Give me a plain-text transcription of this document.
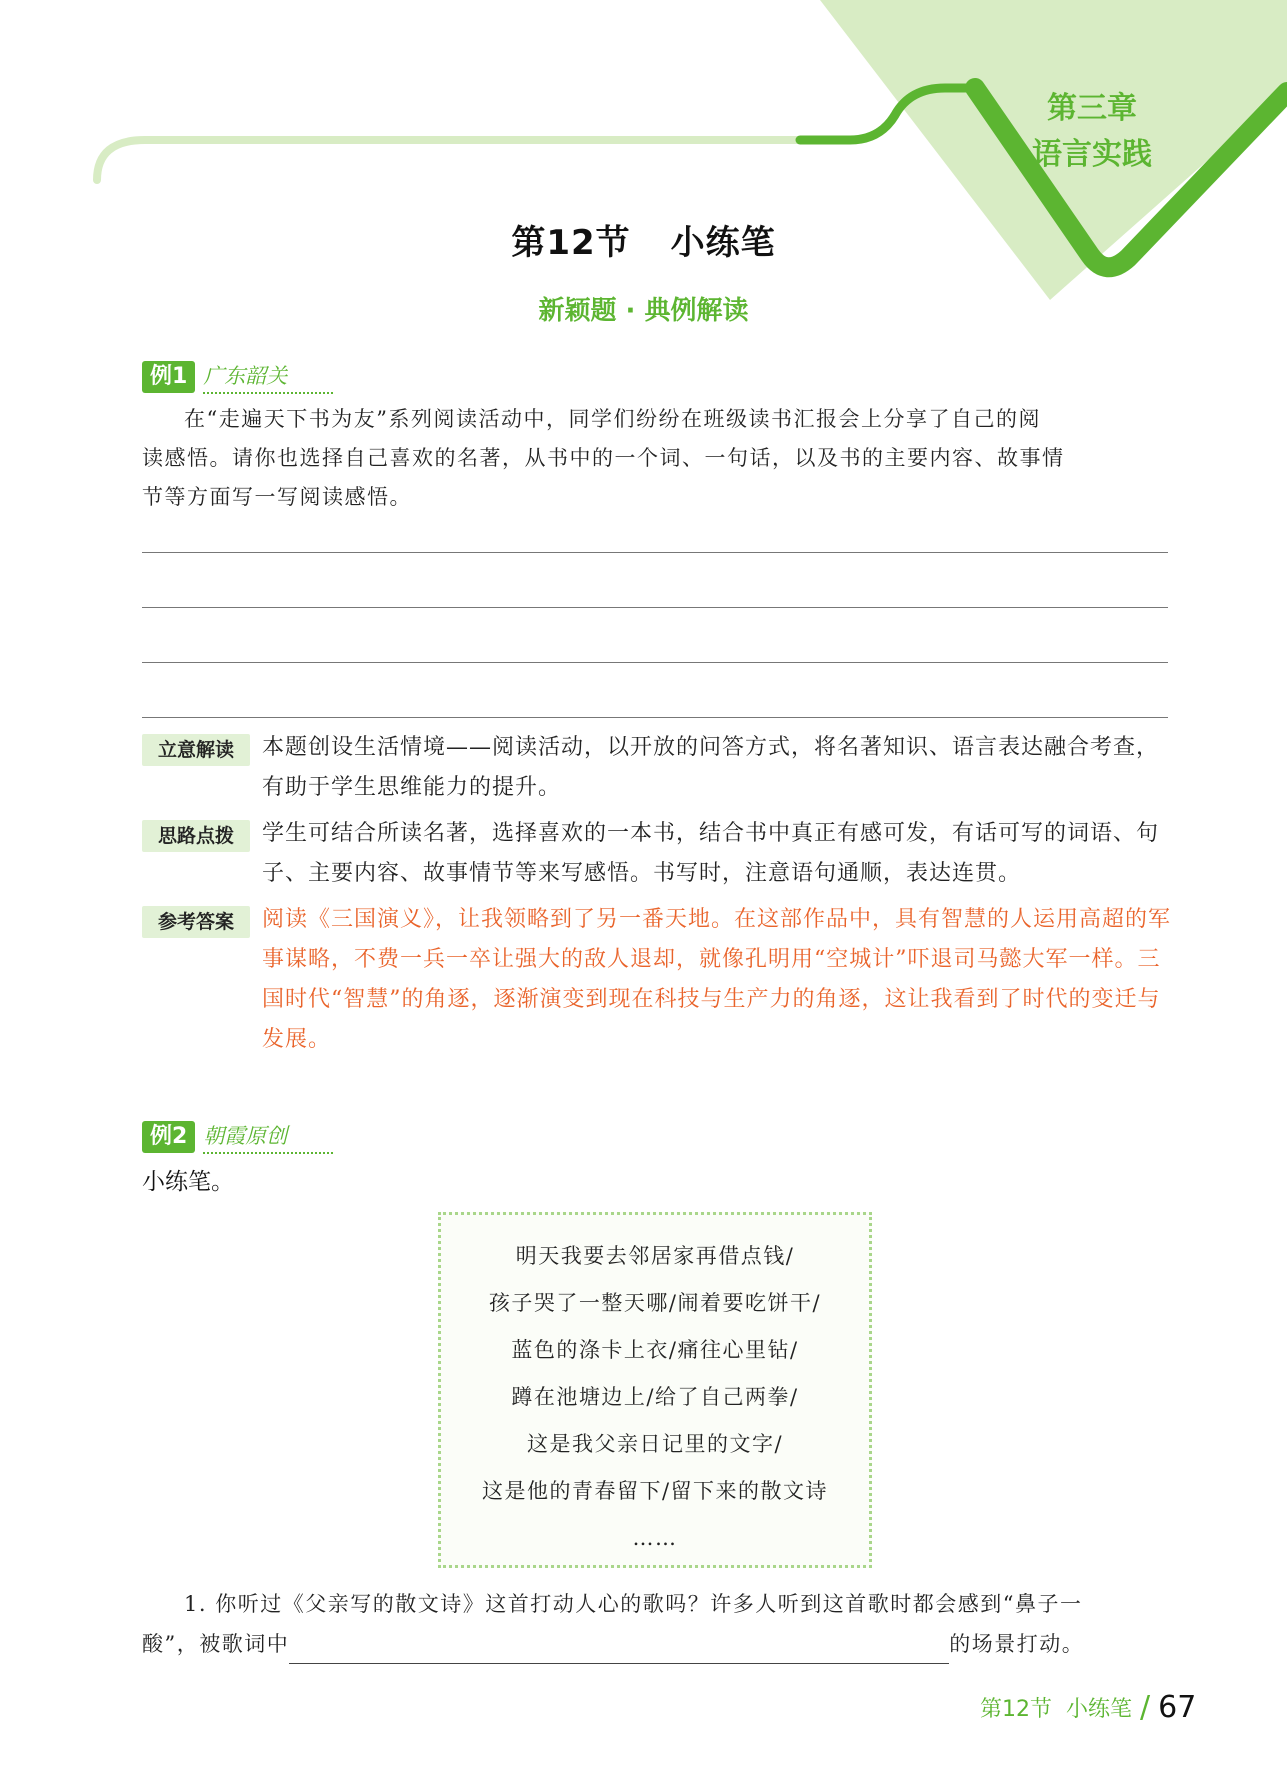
第三章
语言实践
第12节 小练笔
新颖题 · 典例解读
例1 广东韶关

在“走遍天下书为友”系列阅读活动中，同学们纷纷在班级读书汇报会上分享了自己的阅

读感悟。请你也选择自己喜欢的名著，从书中的一个词、一句话，以及书的主要内容、故事情

节等方面写一写阅读感悟。

立意解读	本题创设生活情境——阅读活动，以开放的问答方式，将名著知识、语言表达融合考查，有助于学生思维能力的提升。
思路点拨	学生可结合所读名著，选择喜欢的一本书，结合书中真正有感可发，有话可写的词语、句子、主要内容、故事情节等来写感悟。书写时，注意语句通顺，表达连贯。
参考答案	阅读《三国演义》，让我领略到了另一番天地。在这部作品中，具有智慧的人运用高超的军事谋略，不费一兵一卒让强大的敌人退却，就像孔明用“空城计”吓退司马懿大军一样。三国时代“智慧”的角逐，逐渐演变到现在科技与生产力的角逐，这让我看到了时代的变迁与发展。
例2 朝霞原创
小练笔。
明天我要去邻居家再借点钱/
孩子哭了一整天哪/闹着要吃饼干/
蓝色的涤卡上衣/痛往心里钻/
蹲在池塘边上/给了自己两拳/
这是我父亲日记里的文字/
这是他的青春留下/留下来的散文诗
……

1. 你听过《父亲写的散文诗》这首打动人心的歌吗？许多人听到这首歌时都会感到“鼻子一

酸”，被歌词中	的场景打动。

第12节 小练笔 / 67
